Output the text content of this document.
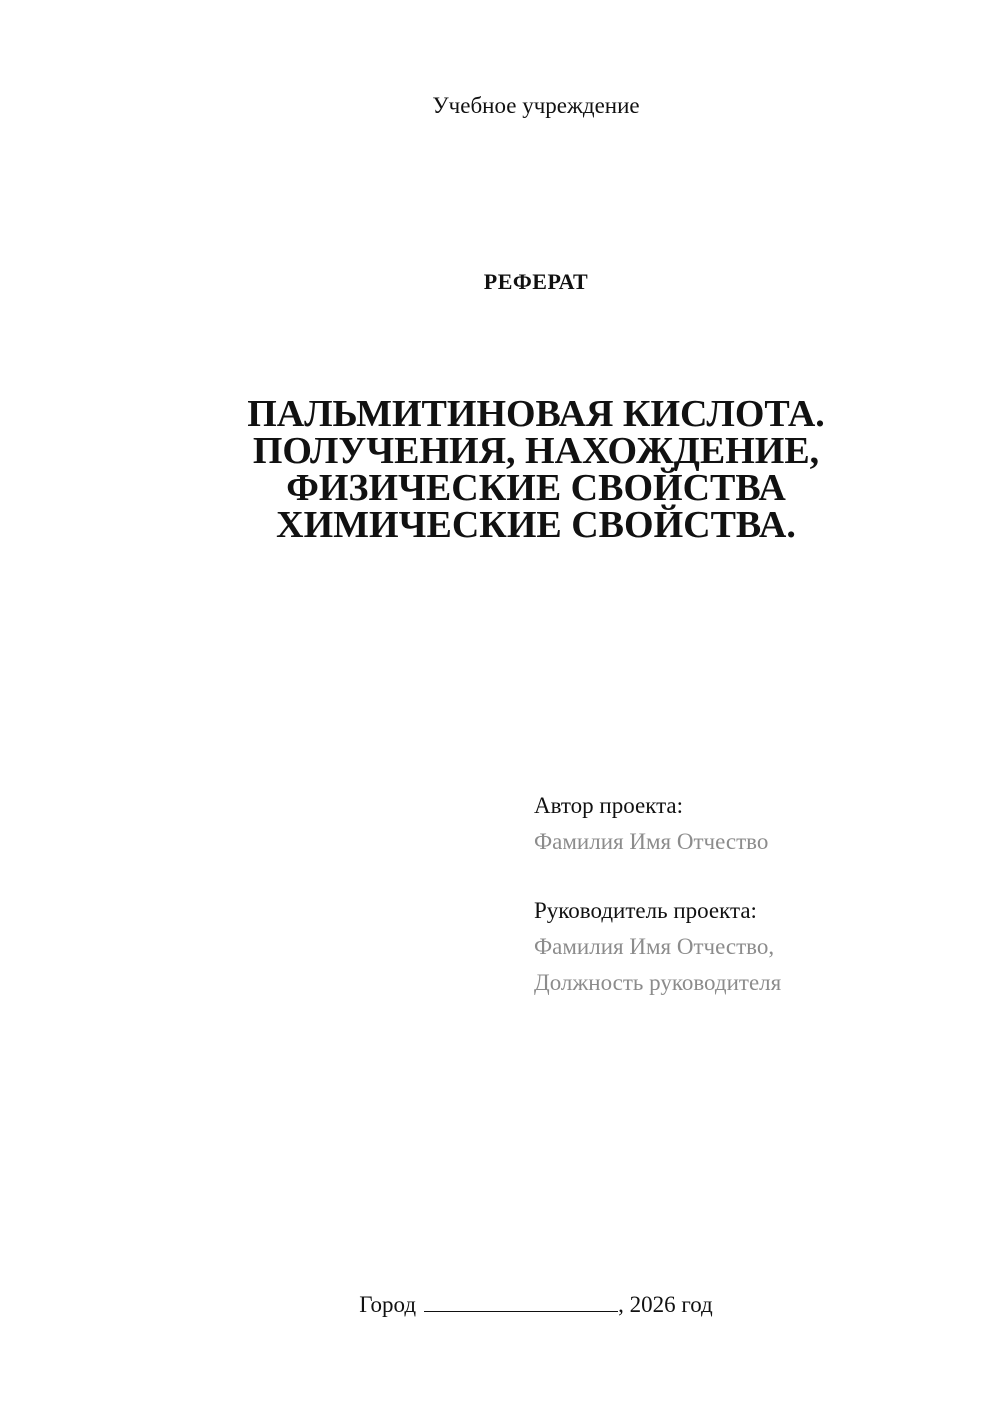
Учебное учреждение
РЕФЕРАТ
ПАЛЬМИТИНОВАЯ КИСЛОТА.
ПОЛУЧЕНИЯ, НАХОЖДЕНИЕ,
ФИЗИЧЕСКИЕ СВОЙСТВА
ХИМИЧЕСКИЕ СВОЙСТВА.
Автор проекта:
Фамилия Имя Отчество
Руководитель проекта:
Фамилия Имя Отчество,
Должность руководителя
Город	, 2026 год
